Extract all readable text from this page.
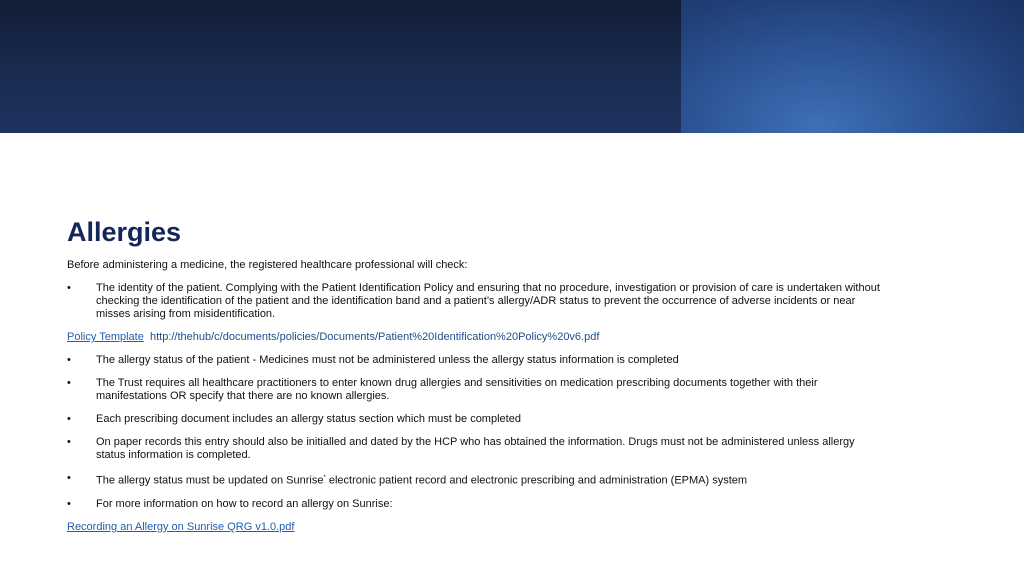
Allergies
Before administering a medicine, the registered healthcare professional will check:
• The identity of the patient. Complying with the Patient Identification Policy and ensuring that no procedure, investigation or provision of care is undertaken without checking the identification of the patient and the identification band and a patient’s allergy/ADR status to prevent the occurrence of adverse incidents or near misses arising from misidentification.
Policy Template http://thehub/c/documents/policies/Documents/Patient%20Identification%20Policy%20v6.pdf
• The allergy status of the patient - Medicines must not be administered unless the allergy status information is completed
• The Trust requires all healthcare practitioners to enter known drug allergies and sensitivities on medication prescribing documents together with their manifestations OR specify that there are no known allergies.
• Each prescribing document includes an allergy status section which must be completed
• On paper records this entry should also be initialled and dated by the HCP who has obtained the information. Drugs must not be administered unless allergy status information is completed.
• The allergy status must be updated on Sunrise* electronic patient record and electronic prescribing and administration (EPMA) system
• For more information on how to record an allergy on Sunrise:
Recording an Allergy on Sunrise QRG v1.0.pdf
